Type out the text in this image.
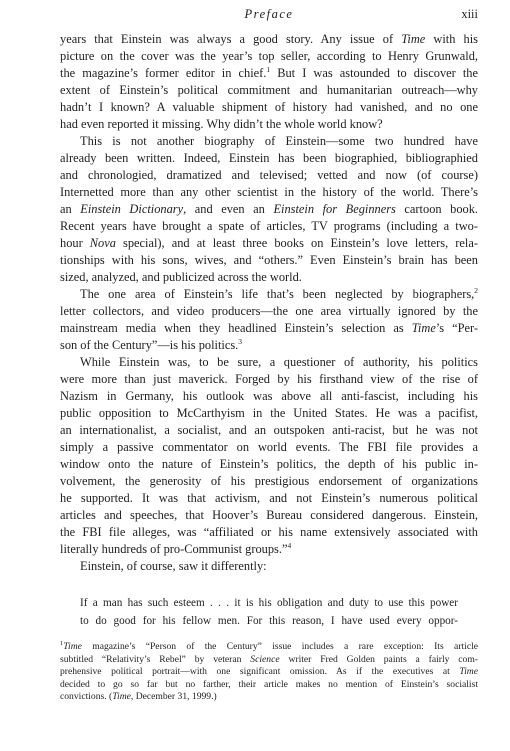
Preface	xiii
years that Einstein was always a good story. Any issue of Time with his
picture on the cover was the year’s top seller, according to Henry Grunwald,
the magazine’s former editor in chief.$^1$ But I was astounded to discover the
extent of Einstein’s political commitment and humanitarian outreach—why
hadn’t I known? A valuable shipment of history had vanished, and no one
had even reported it missing. Why didn’t the whole world know?
This is not another biography of Einstein—some two hundred have
already been written. Indeed, Einstein has been biographied, bibliographied
and chronologied, dramatized and televised; vetted and now (of course)
Internetted more than any other scientist in the history of the world. There’s
an Einstein Dictionary, and even an Einstein for Beginners cartoon book.
Recent years have brought a spate of articles, TV programs (including a two-
hour Nova special), and at least three books on Einstein’s love letters, rela-
tionships with his sons, wives, and “others.” Even Einstein’s brain has been
sized, analyzed, and publicized across the world.
The one area of Einstein’s life that’s been neglected by biographers,$^2$
letter collectors, and video producers—the one area virtually ignored by the
mainstream media when they headlined Einstein’s selection as Time’s “Per-
son of the Century”—is his politics.$^3$
While Einstein was, to be sure, a questioner of authority, his politics
were more than just maverick. Forged by his firsthand view of the rise of
Nazism in Germany, his outlook was above all anti-fascist, including his
public opposition to McCarthyism in the United States. He was a pacifist,
an internationalist, a socialist, and an outspoken anti-racist, but he was not
simply a passive commentator on world events. The FBI file provides a
window onto the nature of Einstein’s politics, the depth of his public in-
volvement, the generosity of his prestigious endorsement of organizations
he supported. It was that activism, and not Einstein’s numerous political
articles and speeches, that Hoover’s Bureau considered dangerous. Einstein,
the FBI file alleges, was “affiliated or his name extensively associated with
literally hundreds of pro-Communist groups.”$^4$
Einstein, of course, saw it differently:
If a man has such esteem . . . it is his obligation and duty to use this power
to do good for his fellow men. For this reason, I have used every oppor-
$^1$Time magazine’s “Person of the Century” issue includes a rare exception: Its article
subtitled “Relativity’s Rebel” by veteran Science writer Fred Golden paints a fairly com-
prehensive political portrait—with one significant omission. As if the executives at Time
decided to go so far but no farther, their article makes no mention of Einstein’s socialist
convictions. (Time, December 31, 1999.)
